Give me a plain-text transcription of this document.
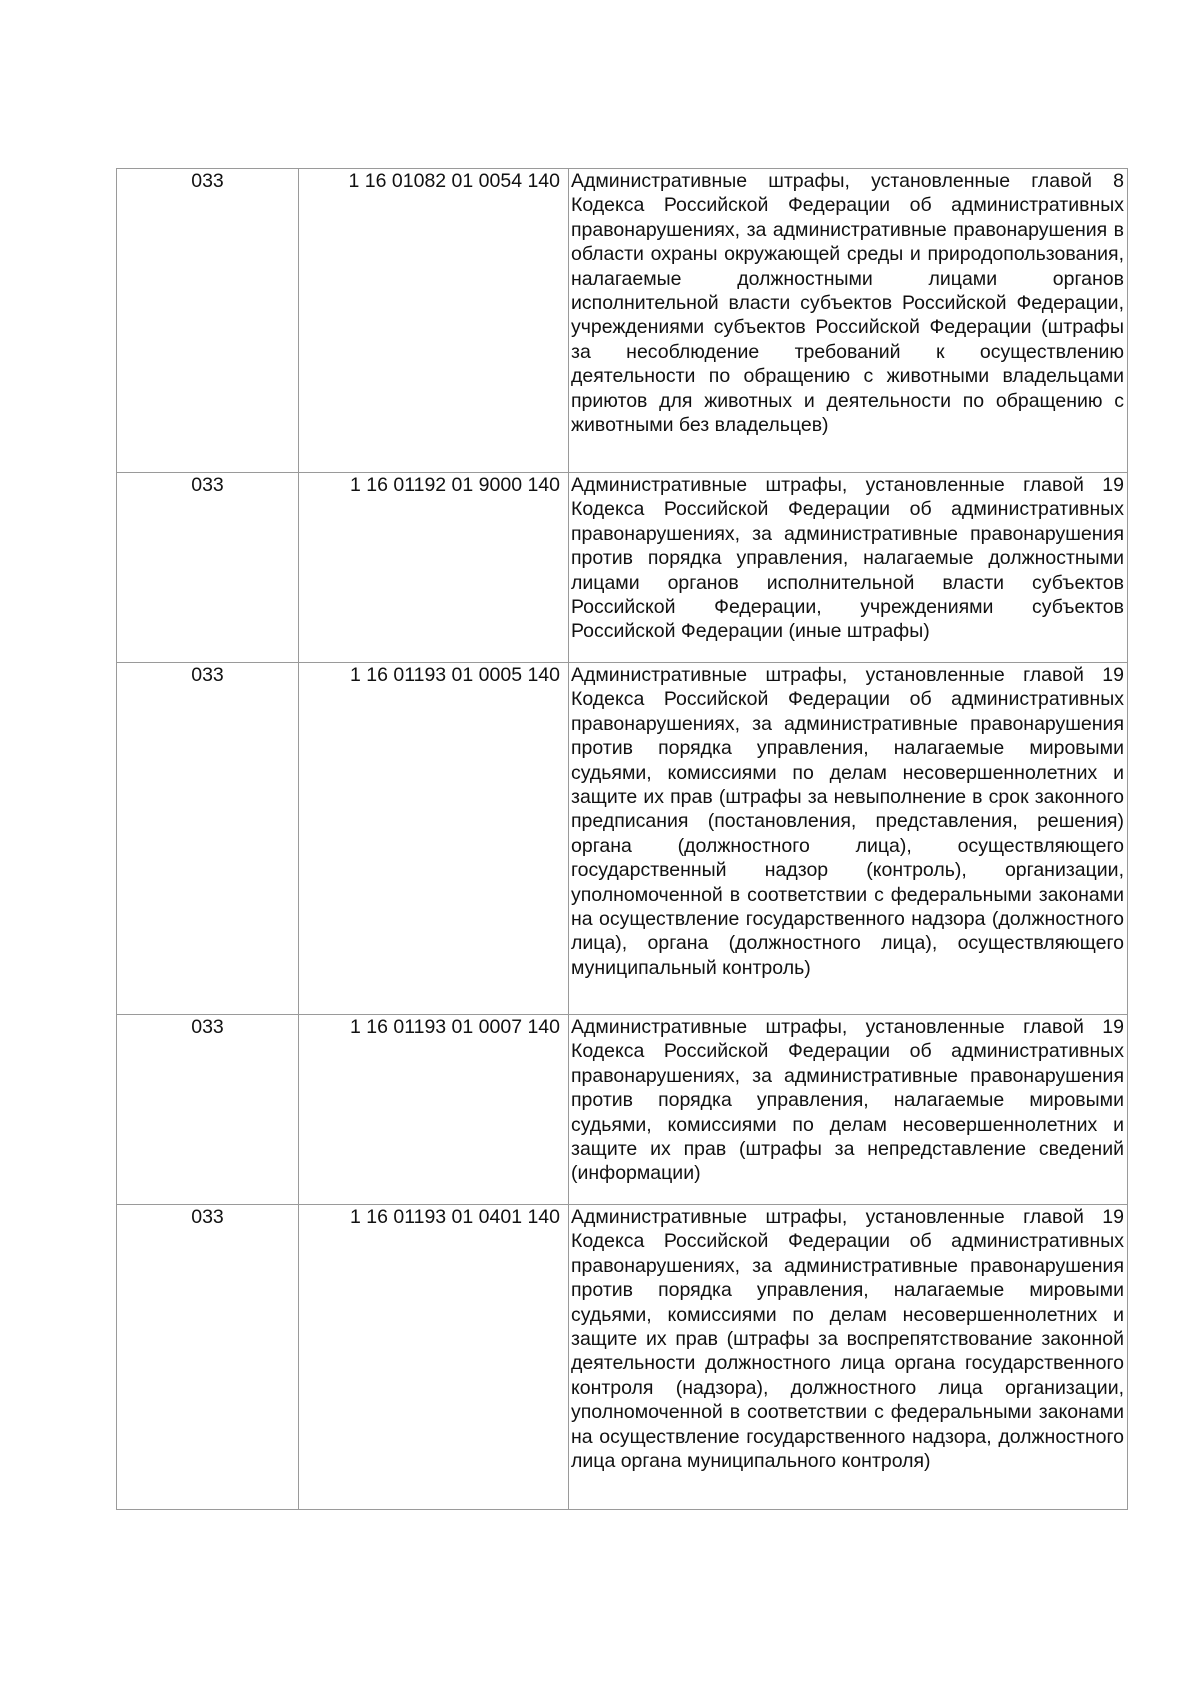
033	1 16 01082 01 0054 140	Административные штрафы, установленные главой 8 Кодекса Российской Федерации об административных правонарушениях, за административные правонарушения в области охраны окружающей среды и природопользования, налагаемые должностными лицами органов исполнительной власти субъектов Российской Федерации, учреждениями субъектов Российской Федерации (штрафы за несоблюдение требований к осуществлению деятельности по обращению с животными владельцами приютов для животных и деятельности по обращению с животными без владельцев)

033	1 16 01192 01 9000 140	Административные штрафы, установленные главой 19 Кодекса Российской Федерации об административных правонарушениях, за административные правонарушения против порядка управления, налагаемые должностными лицами органов исполнительной власти субъектов Российской Федерации, учреждениями субъектов Российской Федерации (иные штрафы)

033	1 16 01193 01 0005 140	Административные штрафы, установленные главой 19 Кодекса Российской Федерации об административных правонарушениях, за административные правонарушения против порядка управления, налагаемые мировыми судьями, комиссиями по делам несовершеннолетних и защите их прав (штрафы за невыполнение в срок законного предписания (постановления, представления, решения) органа (должностного лица), осуществляющего государственный надзор (контроль), организации, уполномоченной в соответствии с федеральными законами на осуществление государственного надзора (должностного лица), органа (должностного лица), осуществляющего муниципальный контроль)

033	1 16 01193 01 0007 140	Административные штрафы, установленные главой 19 Кодекса Российской Федерации об административных правонарушениях, за административные правонарушения против порядка управления, налагаемые мировыми судьями, комиссиями по делам несовершеннолетних и защите их прав (штрафы за непредставление сведений (информации)

033	1 16 01193 01 0401 140	Административные штрафы, установленные главой 19 Кодекса Российской Федерации об административных правонарушениях, за административные правонарушения против порядка управления, налагаемые мировыми судьями, комиссиями по делам несовершеннолетних и защите их прав (штрафы за воспрепятствование законной деятельности должностного лица органа государственного контроля (надзора), должностного лица организации, уполномоченной в соответствии с федеральными законами на осуществление государственного надзора, должностного лица органа муниципального контроля)
